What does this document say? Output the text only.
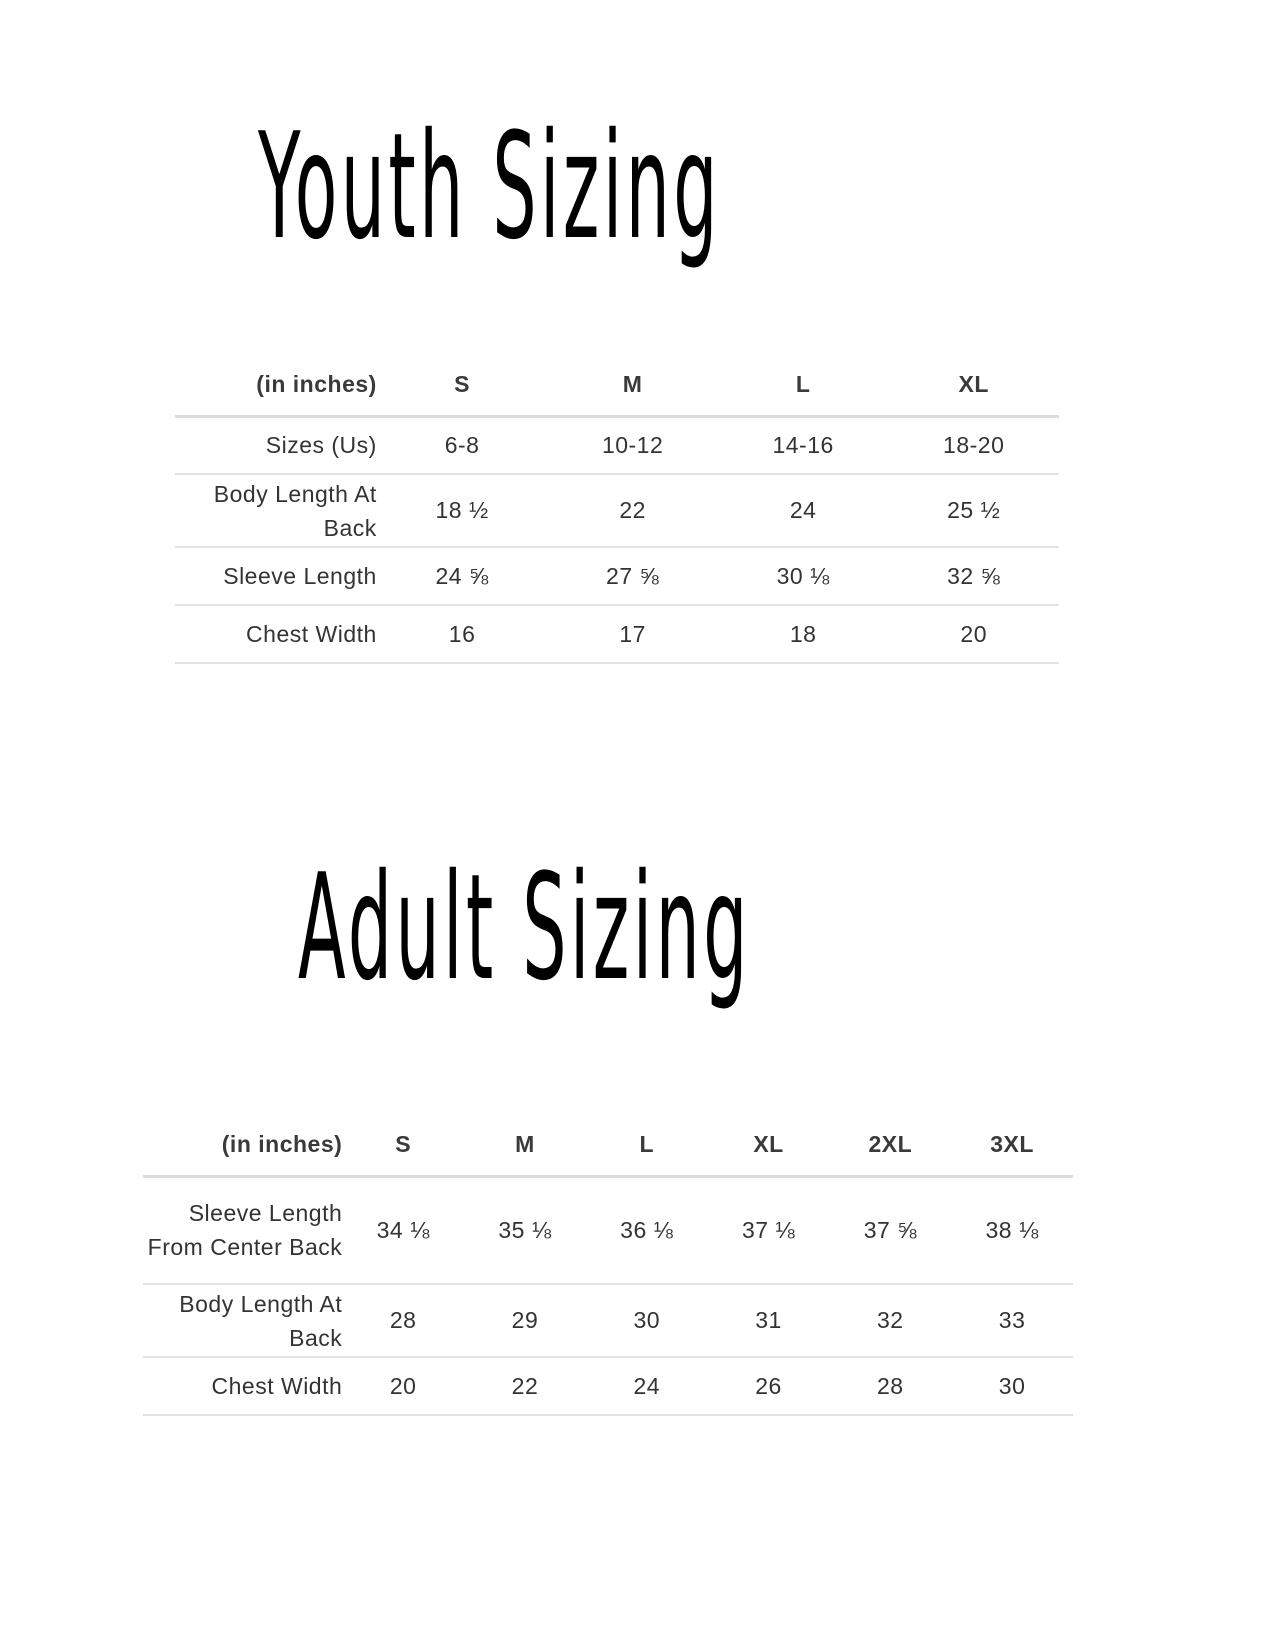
Youth Sizing
(in inches)	S	M	L	XL
Sizes (Us)	6-8	10-12	14-16	18-20
Body Length At Back	18 ½	22	24	25 ½
Sleeve Length	24 ⅝	27 ⅝	30 ⅛	32 ⅝
Chest Width	16	17	18	20
Adult Sizing
(in inches)	S	M	L	XL	2XL	3XL
Sleeve Length From Center Back	34 ⅛	35 ⅛	36 ⅛	37 ⅛	37 ⅝	38 ⅛
Body Length At Back	28	29	30	31	32	33
Chest Width	20	22	24	26	28	30
